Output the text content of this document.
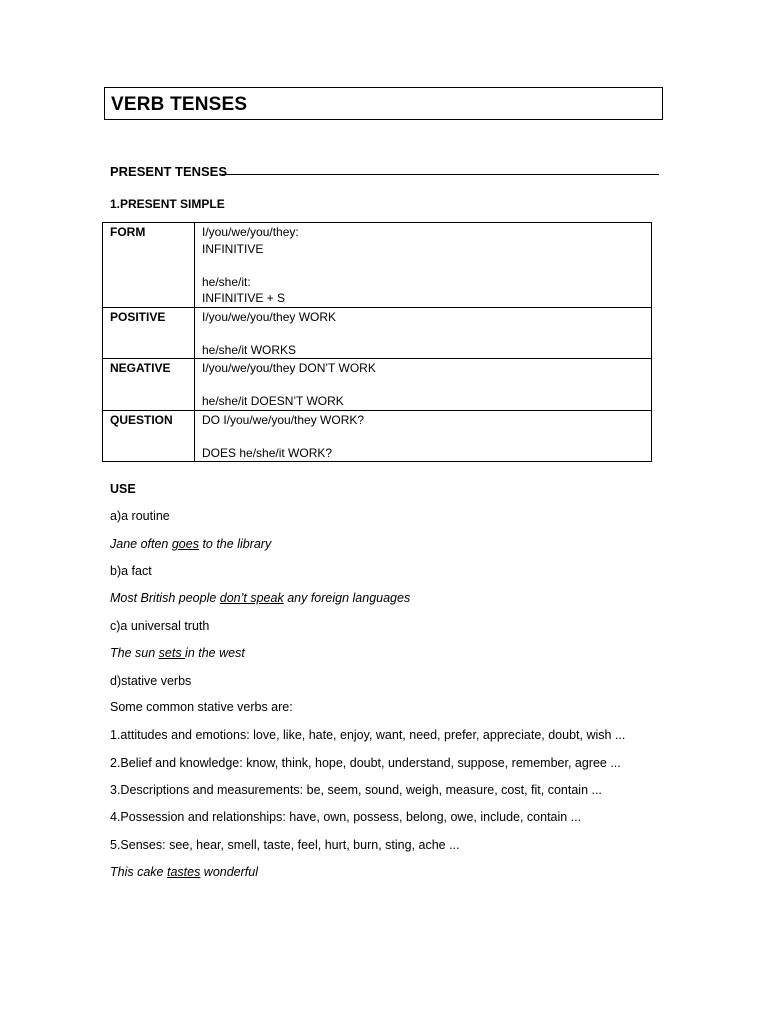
VERB TENSES
PRESENT TENSES
1.PRESENT SIMPLE
FORM	I/you/we/you/they:
INFINITIVE
he/she/it:
INFINITIVE + S

POSITIVE	I/you/we/you/they WORK
he/she/it WORKS

NEGATIVE	I/you/we/you/they DON’T WORK
he/she/it DOESN’T WORK

QUESTION	DO I/you/we/you/they WORK?
DOES he/she/it WORK?
USE
a)a routine
Jane often goes to the library
b)a fact
Most British people don’t speak any foreign languages
c)a universal truth
The sun sets in the west
d)stative verbs
Some common stative verbs are:
1.attitudes and emotions: love, like, hate, enjoy, want, need, prefer, appreciate, doubt, wish ...
2.Belief and knowledge: know, think, hope, doubt, understand, suppose, remember, agree ...
3.Descriptions and measurements: be, seem, sound, weigh, measure, cost, fit, contain ...
4.Possession and relationships: have, own, possess, belong, owe, include, contain ...
5.Senses: see, hear, smell, taste, feel, hurt, burn, sting, ache ...
This cake tastes wonderful
